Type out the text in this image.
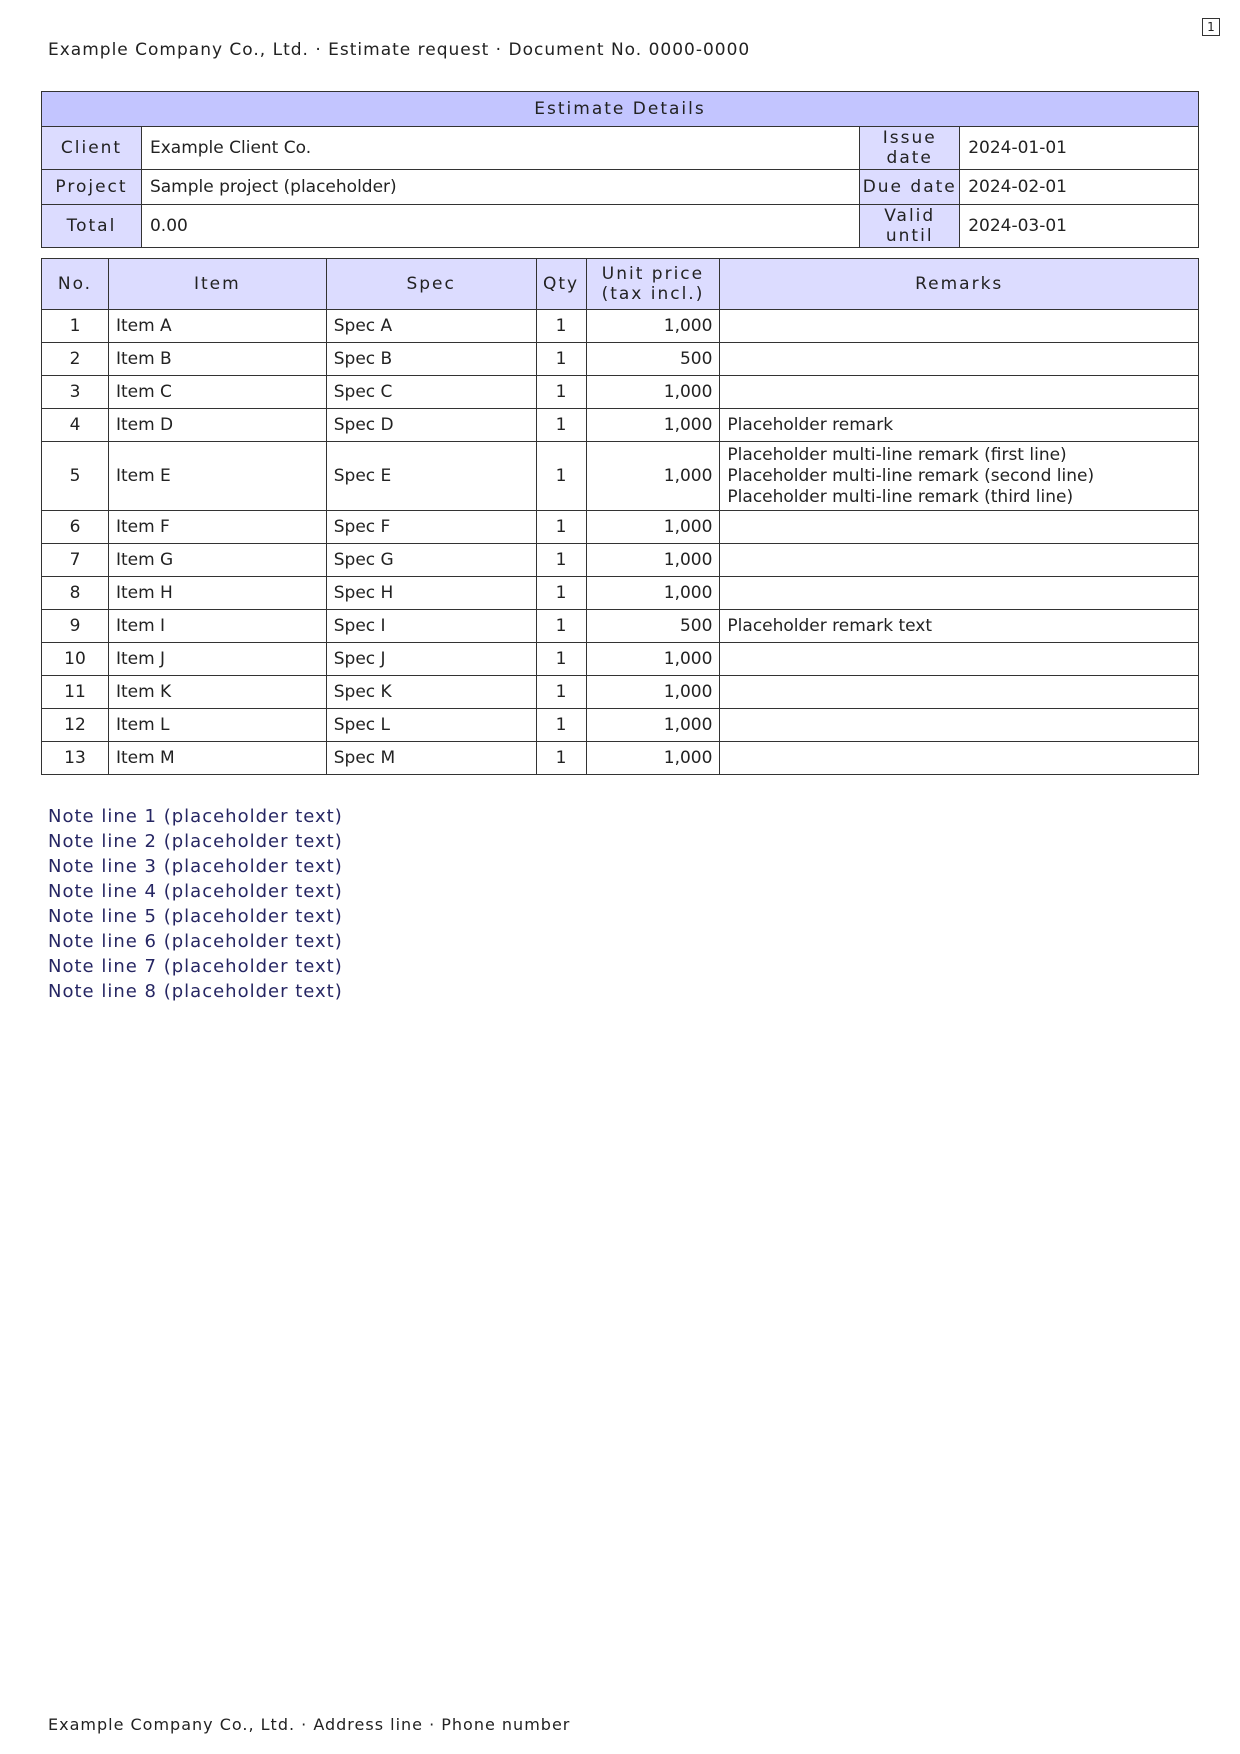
1
Example Company Co., Ltd. · Estimate request · Document No. 0000-0000
Estimate Details			
Client	Example Client Co.	Issue date	2024-01-01
Project	Sample project (placeholder)	Due date	2024-02-01
Total	0.00	Valid until	2024-03-01
No.	Item	Spec	Qty	Unit price (tax incl.)	Remarks
1	Item A	Spec A	1	1,000	
2	Item B	Spec B	1	500	
3	Item C	Spec C	1	1,000	
4	Item D	Spec D	1	1,000	Placeholder remark
5	Item E	Spec E	1	1,000	Placeholder multi-line remark (first line)
Placeholder multi-line remark (second line)
Placeholder multi-line remark (third line)
6	Item F	Spec F	1	1,000	
7	Item G	Spec G	1	1,000	
8	Item H	Spec H	1	1,000	
9	Item I	Spec I	1	500	Placeholder remark text
10	Item J	Spec J	1	1,000	
11	Item K	Spec K	1	1,000	
12	Item L	Spec L	1	1,000	
13	Item M	Spec M	1	1,000	

Note line 1 (placeholder text)

Note line 2 (placeholder text)

Note line 3 (placeholder text)

Note line 4 (placeholder text)

Note line 5 (placeholder text)

Note line 6 (placeholder text)

Note line 7 (placeholder text)

Note line 8 (placeholder text)

Example Company Co., Ltd. · Address line · Phone number
